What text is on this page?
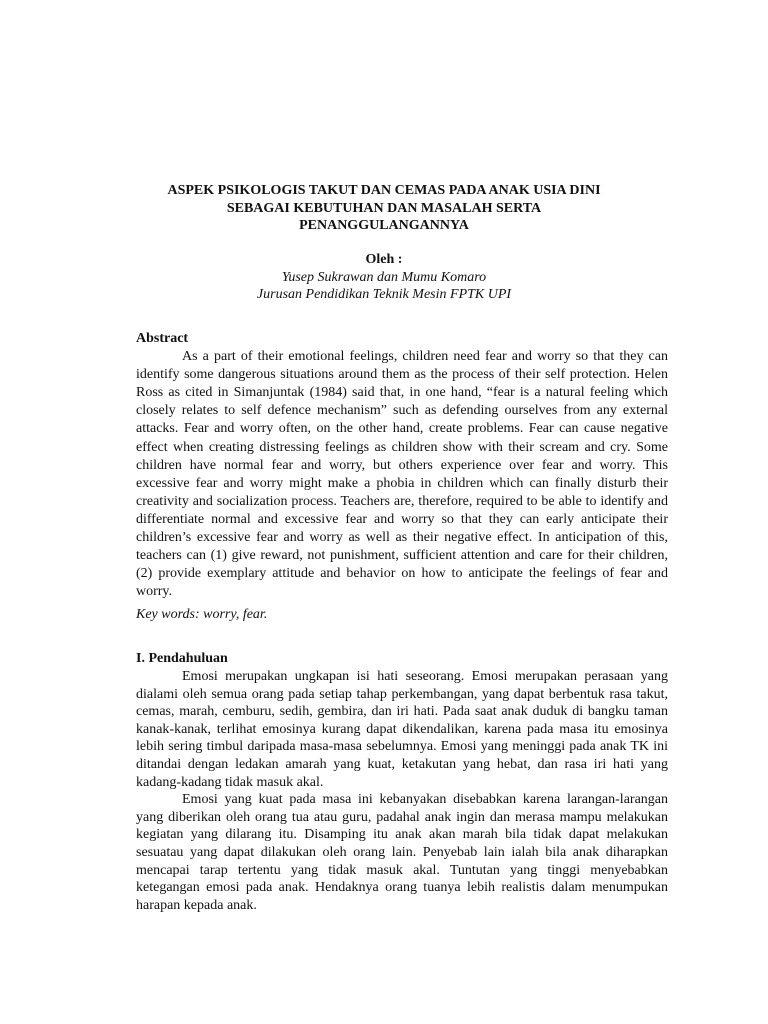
ASPEK PSIKOLOGIS TAKUT DAN CEMAS PADA ANAK USIA DINI
SEBAGAI KEBUTUHAN DAN MASALAH SERTA
PENANGGULANGANNYA
Oleh :
Yusep Sukrawan dan Mumu Komaro
Jurusan Pendidikan Teknik Mesin FPTK UPI
Abstract

As a part of their emotional feelings, children need fear and worry so that they can identify some dangerous situations around them as the process of their self protection. Helen Ross as cited in Simanjuntak (1984) said that, in one hand, “fear is a natural feeling which closely relates to self defence mechanism” such as defending ourselves from any external attacks. Fear and worry often, on the other hand, create problems. Fear can cause negative effect when creating distressing feelings as children show with their scream and cry. Some children have normal fear and worry, but others experience over fear and worry. This excessive fear and worry might make a phobia in children which can finally disturb their creativity and socialization process. Teachers are, therefore, required to be able to identify and differentiate normal and excessive fear and worry so that they can early anticipate their children’s excessive fear and worry as well as their negative effect. In anticipation of this, teachers can (1) give reward, not punishment, sufficient attention and care for their children, (2) provide exemplary attitude and behavior on how to anticipate the feelings of fear and worry.

Key words: worry, fear.
I. Pendahuluan

Emosi merupakan ungkapan isi hati seseorang. Emosi merupakan perasaan yang dialami oleh semua orang pada setiap tahap perkembangan, yang dapat berbentuk rasa takut, cemas, marah, cemburu, sedih, gembira, dan iri hati. Pada saat anak duduk di bangku taman kanak-kanak, terlihat emosinya kurang dapat dikendalikan, karena pada masa itu emosinya lebih sering timbul daripada masa-masa sebelumnya. Emosi yang meninggi pada anak TK ini ditandai dengan ledakan amarah yang kuat, ketakutan yang hebat, dan rasa iri hati yang kadang-kadang tidak masuk akal.

Emosi yang kuat pada masa ini kebanyakan disebabkan karena larangan-larangan yang diberikan oleh orang tua atau guru, padahal anak ingin dan merasa mampu melakukan kegiatan yang dilarang itu. Disamping itu anak akan marah bila tidak dapat melakukan sesuatau yang dapat dilakukan oleh orang lain. Penyebab lain ialah bila anak diharapkan mencapai tarap tertentu yang tidak masuk akal. Tuntutan yang tinggi menyebabkan ketegangan emosi pada anak. Hendaknya orang tuanya lebih realistis dalam menumpukan harapan kepada anak.
